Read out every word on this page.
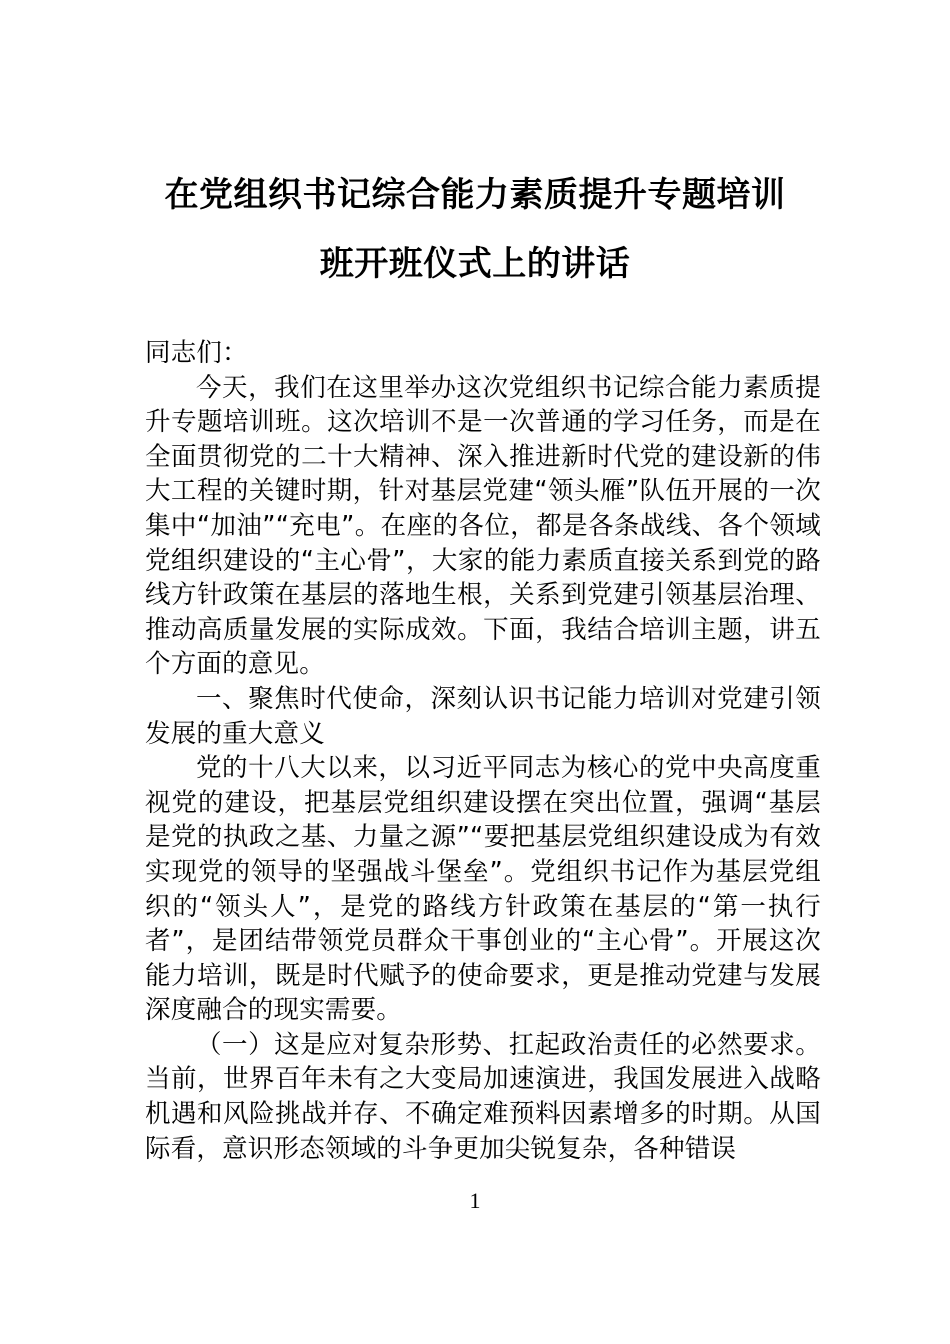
在党组织书记综合能力素质提升专题培训
班开班仪式上的讲话

同志们：

今天，我们在这里举办这次党组织书记综合能力素质提升专题培训班。这次培训不是一次普通的学习任务，而是在全面贯彻党的二十大精神、深入推进新时代党的建设新的伟大工程的关键时期，针对基层党建“领头雁”队伍开展的一次集中“加油”“充电”。在座的各位，都是各条战线、各个领域党组织建设的“主心骨”，大家的能力素质直接关系到党的路线方针政策在基层的落地生根，关系到党建引领基层治理、推动高质量发展的实际成效。下面，我结合培训主题，讲五个方面的意见。

一、聚焦时代使命，深刻认识书记能力培训对党建引领发展的重大意义

党的十八大以来，以习近平同志为核心的党中央高度重视党的建设，把基层党组织建设摆在突出位置，强调“基层是党的执政之基、力量之源”“要把基层党组织建设成为有效实现党的领导的坚强战斗堡垒”。党组织书记作为基层党组织的“领头人”，是党的路线方针政策在基层的“第一执行者”，是团结带领党员群众干事创业的“主心骨”。开展这次能力培训，既是时代赋予的使命要求，更是推动党建与发展深度融合的现实需要。

（一）这是应对复杂形势、扛起政治责任的必然要求。当前，世界百年未有之大变局加速演进，我国发展进入战略机遇和风险挑战并存、不确定难预料因素增多的时期。从国际看，意识形态领域的斗争更加尖锐复杂，各种错误

1
